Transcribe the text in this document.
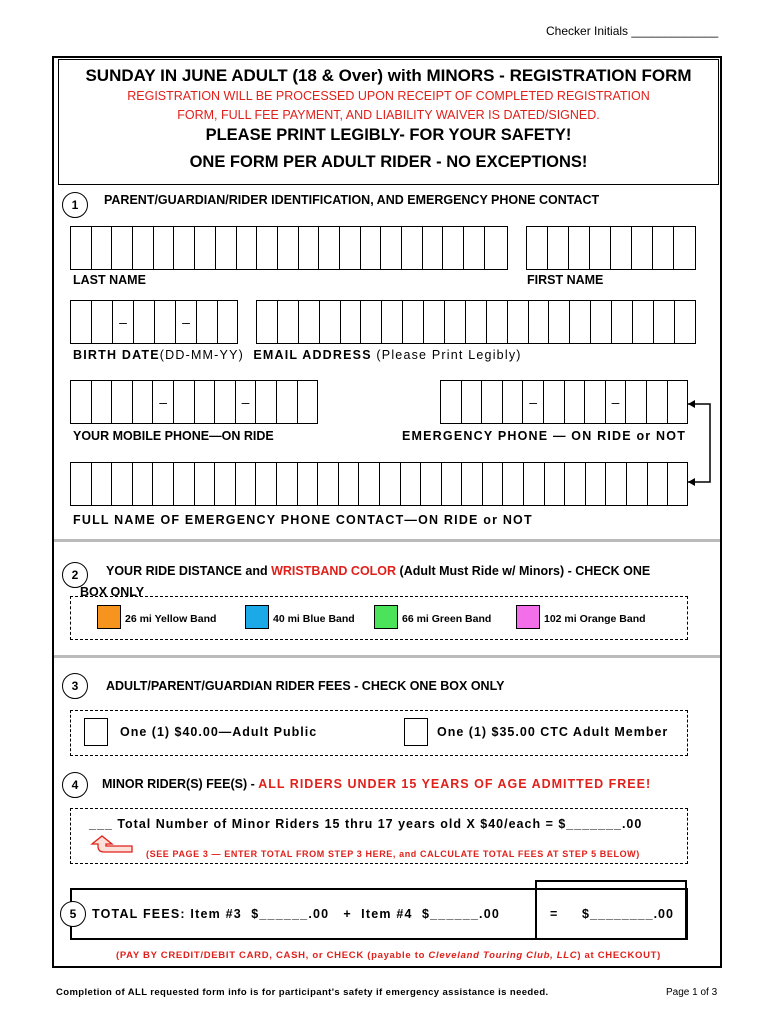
Checker Initials _____________
SUNDAY IN JUNE ADULT (18 & Over) with MINORS - REGISTRATION FORM
REGISTRATION WILL BE PROCESSED UPON RECEIPT OF COMPLETED REGISTRATION
FORM, FULL FEE PAYMENT, AND LIABILITY WAIVER IS DATED/SIGNED.
PLEASE PRINT LEGIBLY- FOR YOUR SAFETY!
ONE FORM PER ADULT RIDER - NO EXCEPTIONS!
1	PARENT/GUARDIAN/RIDER IDENTIFICATION, AND EMERGENCY PHONE CONTACT
LAST NAME	FIRST NAME
–	–
BIRTH DATE(DD-MM-YY) EMAIL ADDRESS (Please Print Legibly)
–	–	–	–
YOUR MOBILE PHONE—ON RIDE	EMERGENCY PHONE — ON RIDE or NOT
FULL NAME OF EMERGENCY PHONE CONTACT—ON RIDE or NOT
2	YOUR RIDE DISTANCE and WRISTBAND COLOR (Adult Must Ride w/ Minors) - CHECK ONE
BOX ONLY
26 mi Yellow Band	40 mi Blue Band	66 mi Green Band	102 mi Orange Band
3	ADULT/PARENT/GUARDIAN RIDER FEES - CHECK ONE BOX ONLY
One (1) $40.00—Adult Public	One (1) $35.00 CTC Adult Member
4	MINOR RIDER(S) FEE(S) - ALL RIDERS UNDER 15 YEARS OF AGE ADMITTED FREE!
___ Total Number of Minor Riders 15 thru 17 years old X $40/each = $_______.00
(SEE PAGE 3 — ENTER TOTAL FROM STEP 3 HERE, and CALCULATE TOTAL FEES AT STEP 5 BELOW)
5	TOTAL FEES: Item #3  $______.00   +  Item #4  $______.00	= $________.00
(PAY BY CREDIT/DEBIT CARD, CASH, or CHECK (payable to Cleveland Touring Club, LLC) at CHECKOUT)
Completion of ALL requested form info is for participant's safety if emergency assistance is needed.	Page 1 of 3
